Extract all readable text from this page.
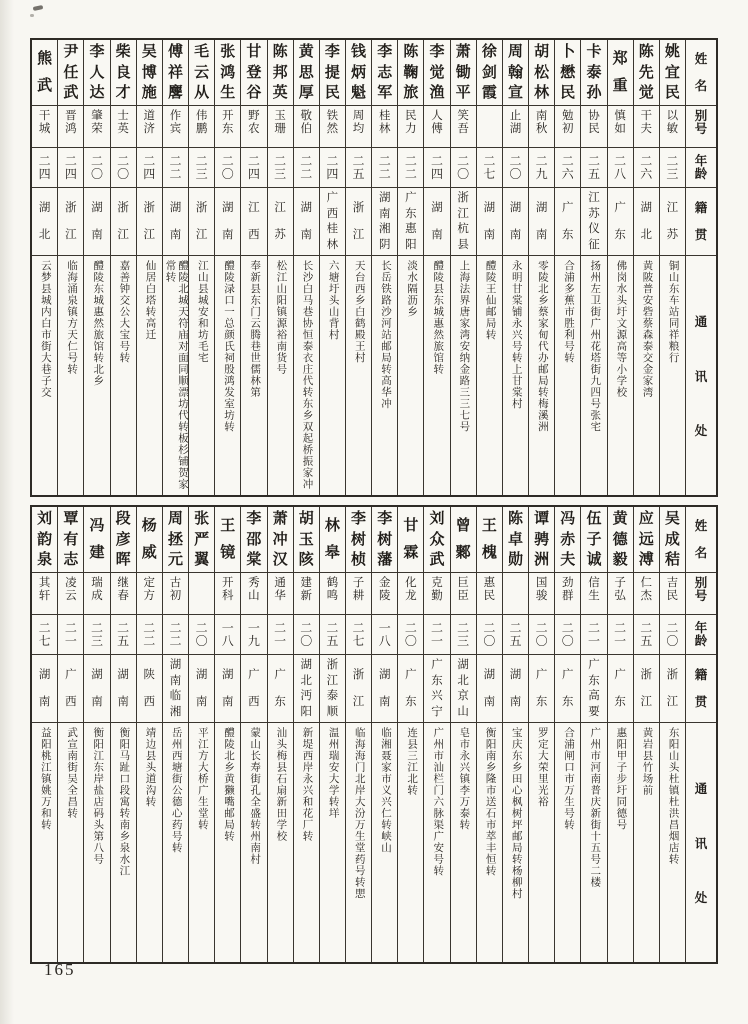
姓
名
别
号
年
龄
籍
贯
通
讯
处
姚
宜
民
以
敏
二
三
江
苏
铜山东车站同祥粮行
陈
先
觉
干
夫
二
六
湖
北
黄陂普安砦蔡森泰交金家湾
郑
重
慎
如
二
八
广
东
佛岗水头圩文源高等小学校
卡
泰
孙
协
民
二
五
江
苏
仪
征
扬州左卫街广州花塔街九四号张宅
卜
懋
民
勉
初
二
六
广
东
合浦多蕉市胜利号转
胡
松
林
南
秋
二
九
湖
南
零陵北乡蔡家甸代办邮局转梅溪洲
周
翰
宣
止
湖
二
〇
湖
南
永明甘棠铺永兴号转上甘棠村
徐
剑
霞
二
七
湖
南
醴陵王仙邮局转
萧
锄
平
笑
吾
二
〇
浙
江
杭
县
上海法界唐家湾安纳金路三三七号
李
觉
渔
人
傅
二
四
湖
南
醴陵县东城惠然旅馆转
陈
鞠
旅
民
力
二
二
广
东
惠
阳
淡水隔沥乡
李
志
军
桂
林
二
二
湖
南
湘
阴
长岳铁路沙河站邮局转高华冲
钱
炳
魁
周
均
二
五
浙
江
天台西乡白鹤殿王村
李
提
民
铁
然
二
四
广
西
桂
林
六塘圩头山背村
黄
思
厚
敬
伯
二
二
湖
南
长沙白马巷协恒泰衣庄代转东乡双起桥振家冲
陈
邦
英
玉
珊
二
三
江
苏
松江山阳镇源裕南货号
甘
登
谷
野
农
二
四
江
西
奉新县东门云腾巷世儒林第
张
鸿
生
开
东
二
〇
湖
南
醴陵渌口一总颜氏祠殷鸿发室坊转
毛
云
从
伟
鹏
二
三
浙
江
江山县城安和坊毛宅
傅
祥
麐
作
宾
二
二
湖
南
醴陵北城天符庙对面同顺漂坊代转板杉铺贺家常转
吴
博
施
道
济
二
四
浙
江
仙居白塔转高迁
柴
良
才
士
英
二
〇
浙
江
嘉善钟交公大宝号转
李
人
达
肇
荣
二
〇
湖
南
醴陵东城惠然旅馆转北乡
尹
任
武
晋
鸿
二
四
浙
江
临海涌泉镇方天仁号转
熊
武
干
城
二
四
湖
北
云梦县城内白市街大巷子交
姓
名
别
号
年
龄
籍
贯
通
讯
处
吴
成
秸
吉
民
二
〇
浙
江
东阳山头杜镇杜洪昌烟店转
应
远
溥
仁
杰
二
五
浙
江
黄岩县竹场前
黄
德
毅
子
弘
二
一
广
东
惠阳甲子步圩同德号
伍
子
诚
信
生
二
一
广
东
高
要
广州市河南普庆新街十五号二楼
冯
赤
夫
劲
群
二
〇
广
东
合浦闸口市万生号转
谭
骋
洲
国
骏
二
〇
广
东
罗定大荣里光裕
陈
卓
勋
二
五
湖
南
宝庆东乡田心枫树坪邮局转杨柳村
王
槐
惠
民
二
〇
湖
南
衡阳南乡隆市送石市萃丰恒转
曾
鄹
巨
臣
二
三
湖
北
京
山
皂市永兴镇李万泰转
刘
众
武
克
勤
二
一
广
东
兴
宁
广州市汕栏门六脉渠广安号转
甘
霖
化
龙
二
〇
广
东
连县三江北转
李
树
藩
金
陵
一
八
湖
南
临湘聂家市义兴仁转峡山
李
树
桢
子
耕
二
七
浙
江
临海海门北岸大汾万生堂药号转愳
林
皋
鹤
鸣
二
五
浙
江
泰
顺
温州瑞安大学转垟
胡
玉
陔
建
新
二
〇
湖
北
沔
阳
新堤西岸永兴和花厂转
萧
冲
汉
通
华
二
一
广
东
汕头梅县石扇新田学校
李
邵
棠
秀
山
一
九
广
西
蒙山长寿街孔全盛转州南村
王
镜
开
科
一
八
湖
南
醴陵北乡黄獭嘴邮局转
张
严
翼
二
〇
湖
南
平江方大桥广生堂转
周
拯
元
古
初
二
二
湖
南
临
湘
岳州西塘街公德心药号转
杨
威
定
方
二
二
陕
西
靖边县头道沟转
段
彦
晖
继
春
二
五
湖
南
衡阳马趾口段寓转南乡泉水江
冯
建
瑞
成
二
三
湖
南
衡阳江东岸盐店码头第八号
覃
有
志
凌
云
二
一
广
西
武宣南街吴全昌转
刘
韵
泉
其
轩
二
七
湖
南
益阳桃江镇姚万和转
165
